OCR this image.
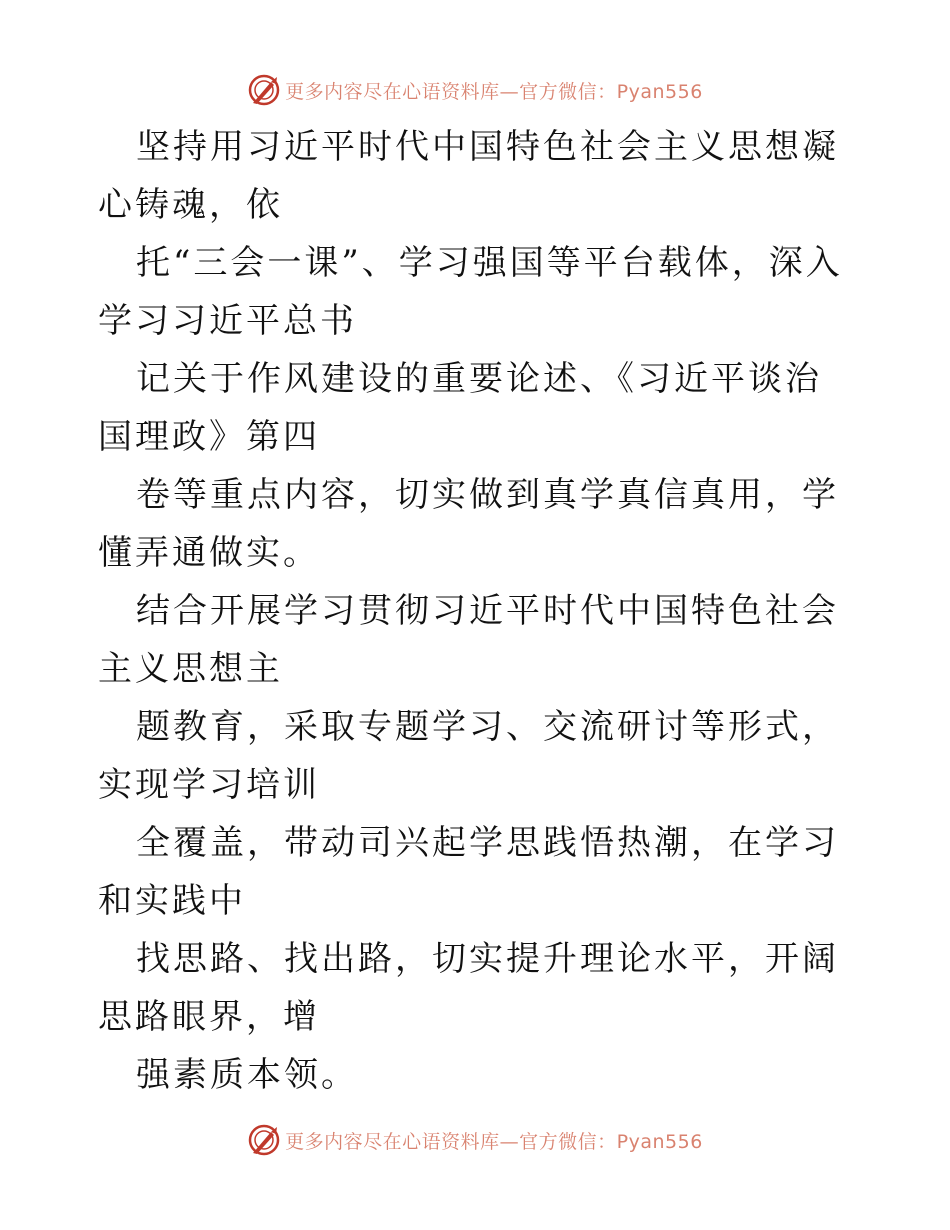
更多内容尽在心语资料库— 官方微信：Pyan556

坚持用习近平时代中国特色社会主义思想凝心铸魂，依

托“三会一课”、学习强国等平台载体，深入学习习近平总书

记关于作风建设的重要论述、《习近平谈治国理政》第四

卷等重点内容，切实做到真学真信真用，学懂弄通做实。

结合开展学习贯彻习近平时代中国特色社会主义思想主

题教育，采取专题学习、交流研讨等形式，实现学习培训

全覆盖，带动司兴起学思践悟热潮，在学习和实践中

找思路、找出路，切实提升理论水平，开阔思路眼界，增

强素质本领。

更多内容尽在心语资料库— 官方微信：Pyan556
